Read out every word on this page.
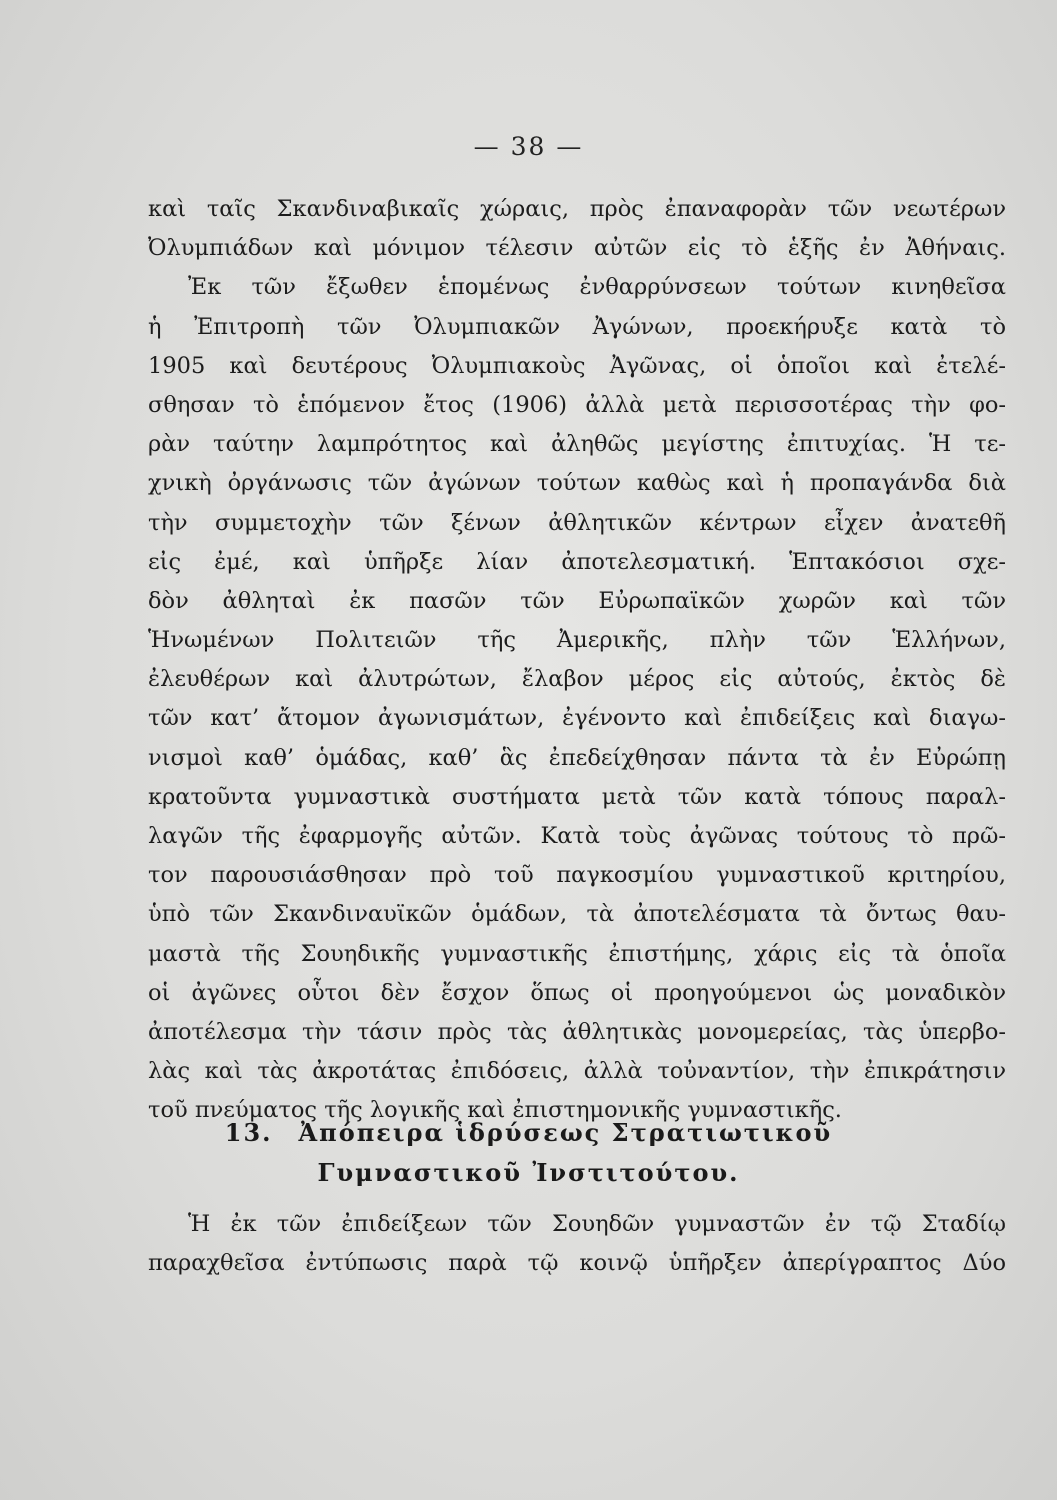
— 38 —
καὶ ταῖς Σκανδιναβικαῖς χώραις, πρὸς ἐπαναφορὰν τῶν νεωτέρων
Ὀλυμπιάδων καὶ μόνιμον τέλεσιν αὐτῶν εἰς τὸ ἑξῆς ἐν Ἀθήναις.
Ἐκ τῶν ἔξωθεν ἑπομένως ἐνθαρρύνσεων τούτων κινηθεῖσα
ἡ Ἐπιτροπὴ τῶν Ὀλυμπιακῶν Ἀγώνων, προεκήρυξε κατὰ τὸ
1905 καὶ δευτέρους Ὀλυμπιακοὺς Ἀγῶνας, οἱ ὁποῖοι καὶ ἐτελέ-
σθησαν τὸ ἑπόμενον ἔτος (1906) ἀλλὰ μετὰ περισσοτέρας τὴν φο-
ρὰν ταύτην λαμπρότητος καὶ ἀληθῶς μεγίστης ἐπιτυχίας. Ἡ τε-
χνικὴ ὀργάνωσις τῶν ἀγώνων τούτων καθὼς καὶ ἡ προπαγάνδα διὰ
τὴν συμμετοχὴν τῶν ξένων ἀθλητικῶν κέντρων εἶχεν ἀνατεθῆ
εἰς ἐμέ, καὶ ὑπῆρξε λίαν ἀποτελεσματική. Ἑπτακόσιοι σχε-
δὸν ἀθληταὶ ἐκ πασῶν τῶν Εὐρωπαϊκῶν χωρῶν καὶ τῶν
Ἡνωμένων Πολιτειῶν τῆς Ἀμερικῆς, πλὴν τῶν Ἑλλήνων,
ἐλευθέρων καὶ ἀλυτρώτων, ἔλαβον μέρος εἰς αὐτούς, ἐκτὸς δὲ
τῶν κατ’ ἄτομον ἀγωνισμάτων, ἐγένοντο καὶ ἐπιδείξεις καὶ διαγω-
νισμοὶ καθ’ ὁμάδας, καθ’ ἃς ἐπεδείχθησαν πάντα τὰ ἐν Εὐρώπῃ
κρατοῦντα γυμναστικὰ συστήματα μετὰ τῶν κατὰ τόπους παραλ-
λαγῶν τῆς ἐφαρμογῆς αὐτῶν. Κατὰ τοὺς ἀγῶνας τούτους τὸ πρῶ-
τον παρουσιάσθησαν πρὸ τοῦ παγκοσμίου γυμναστικοῦ κριτηρίου,
ὑπὸ τῶν Σκανδιναυϊκῶν ὁμάδων, τὰ ἀποτελέσματα τὰ ὄντως θαυ-
μαστὰ τῆς Σουηδικῆς γυμναστικῆς ἐπιστήμης, χάρις εἰς τὰ ὁποῖα
οἱ ἀγῶνες οὗτοι δὲν ἔσχον ὅπως οἱ προηγούμενοι ὡς μοναδικὸν
ἀποτέλεσμα τὴν τάσιν πρὸς τὰς ἀθλητικὰς μονομερείας, τὰς ὑπερβο-
λὰς καὶ τὰς ἀκροτάτας ἐπιδόσεις, ἀλλὰ τοὐναντίον, τὴν ἐπικράτησιν
τοῦ πνεύματος τῆς λογικῆς καὶ ἐπιστημονικῆς γυμναστικῆς.
13. Ἀπόπειρα ἱδρύσεως Στρατιωτικοῦ
Γυμναστικοῦ Ἰνστιτούτου.
Ἡ ἐκ τῶν ἐπιδείξεων τῶν Σουηδῶν γυμναστῶν ἐν τῷ Σταδίῳ
παραχθεῖσα ἐντύπωσις παρὰ τῷ κοινῷ ὑπῆρξεν ἀπερίγραπτος Δύο
